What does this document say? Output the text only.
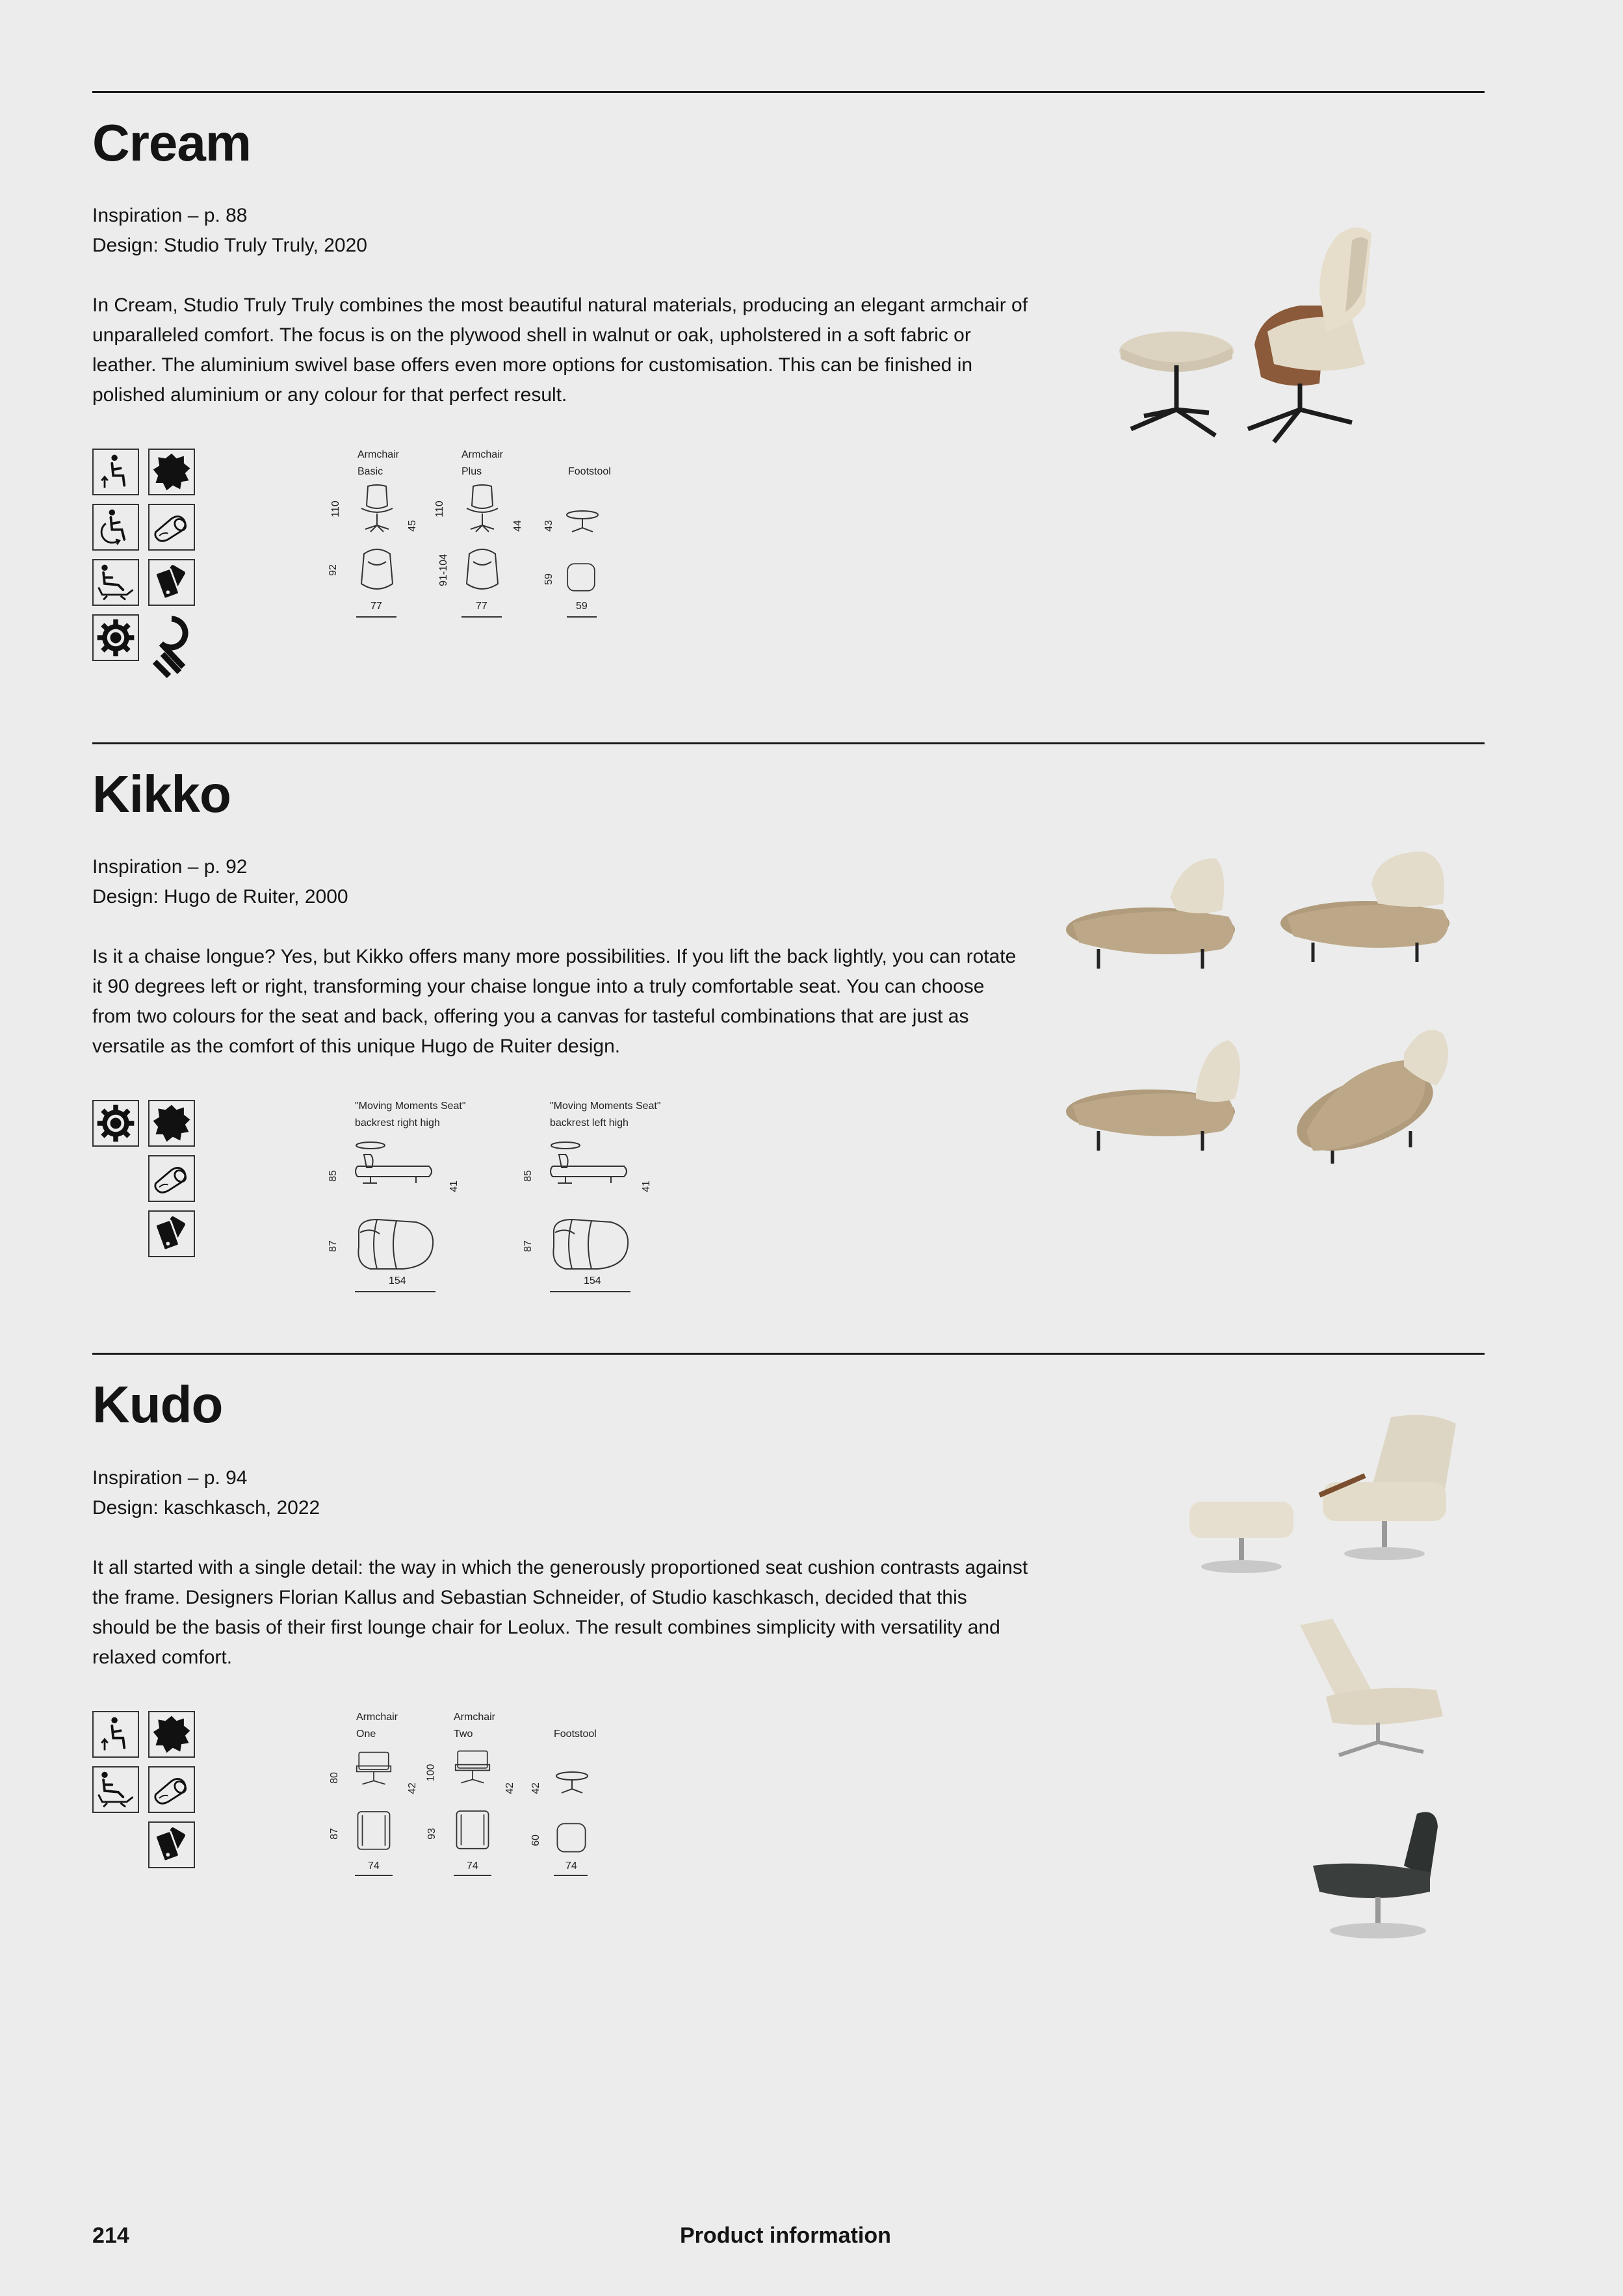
Cream
Inspiration – p. 88
Design: Studio Truly Truly, 2020

In Cream, Studio Truly Truly combines the most beautiful natural materials, producing an elegant armchair of unparalleled comfort. The focus is on the plywood shell in walnut or oak, upholstered in a soft fabric or leather. The aluminium swivel base offers even more options for customisation. This can be finished in polished aluminium or any colour for that perfect result.

Armchair
Basic
110
45
92
77
Armchair
Plus
110
44
91-104
77
Footstool
43
59
59
Kikko
Inspiration – p. 92
Design: Hugo de Ruiter, 2000

Is it a chaise longue? Yes, but Kikko offers many more possibilities. If you lift the back lightly, you can rotate it 90 degrees left or right, transforming your chaise longue into a truly comfortable seat. You can choose from two colours for the seat and back, offering you a canvas for tasteful combinations that are just as versatile as the comfort of this unique Hugo de Ruiter design.

"Moving Moments Seat"
backrest right high
85
41
87
154
"Moving Moments Seat"
backrest left high
85
41
87
154
Kudo
Inspiration – p. 94
Design: kaschkasch, 2022

It all started with a single detail: the way in which the generously proportioned seat cushion contrasts against the frame. Designers Florian Kallus and Sebastian Schneider, of Studio kaschkasch, decided that this should be the basis of their first lounge chair for Leolux. The result combines simplicity with versatility and relaxed comfort.

Armchair
One
80
42
87
74
Armchair
Two
100
42
93
74
Footstool
42
60
74
214	Product information
